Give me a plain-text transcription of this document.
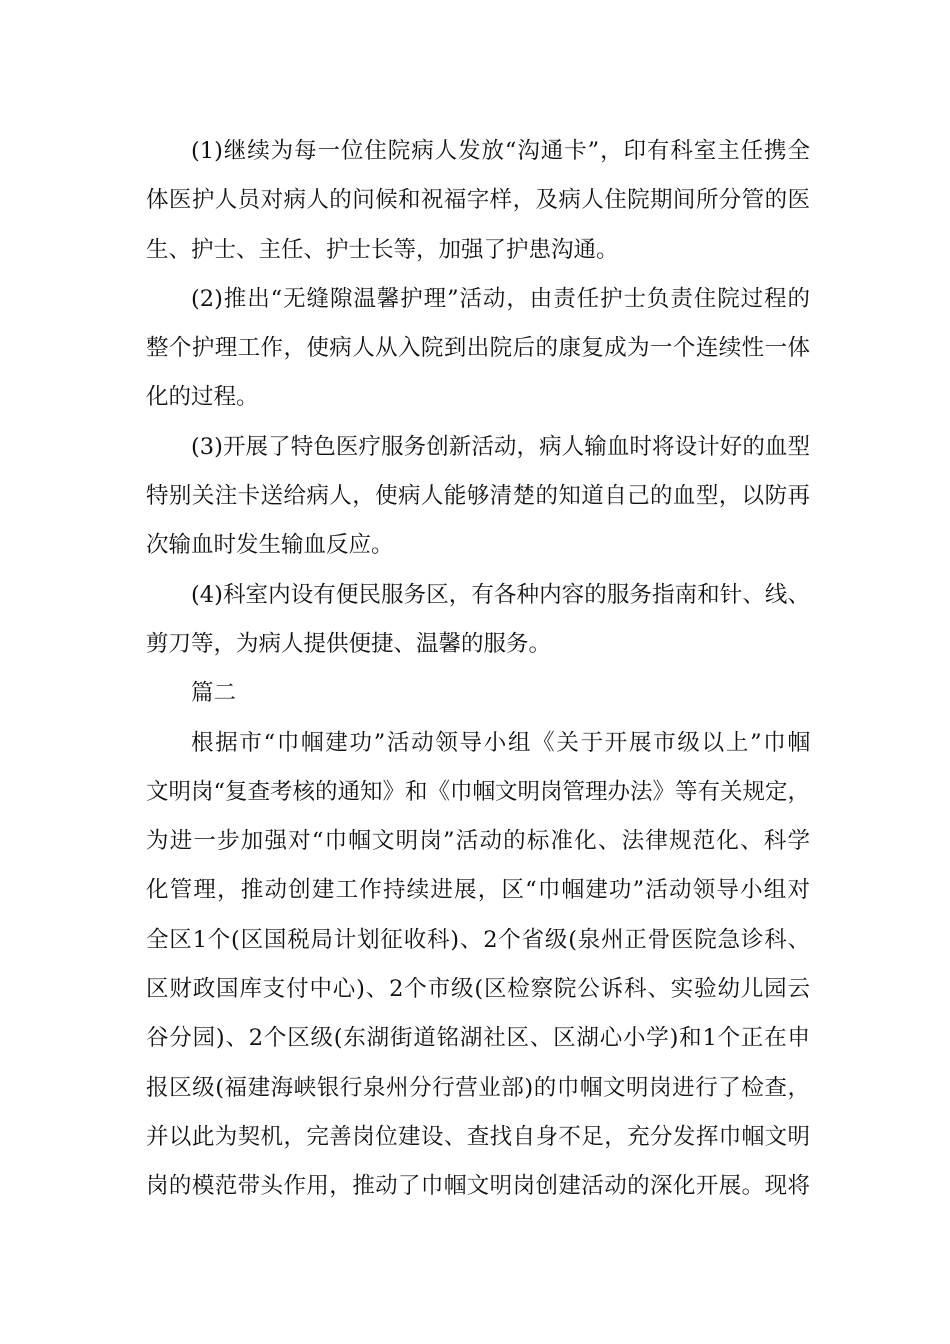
(1)继续为每一位住院病人发放“沟通卡”，印有科室主任携全
体医护人员对病人的问候和祝福字样，及病人住院期间所分管的医
生、护士、主任、护士长等，加强了护患沟通。
(2)推出“无缝隙温馨护理”活动，由责任护士负责住院过程的
整个护理工作，使病人从入院到出院后的康复成为一个连续性一体
化的过程。
(3)开展了特色医疗服务创新活动，病人输血时将设计好的血型
特别关注卡送给病人，使病人能够清楚的知道自己的血型，以防再
次输血时发生输血反应。
(4)科室内设有便民服务区，有各种内容的服务指南和针、线、
剪刀等，为病人提供便捷、温馨的服务。
篇二
根据市“巾帼建功”活动领导小组《关于开展市级以上”巾帼
文明岗“复查考核的通知》和《巾帼文明岗管理办法》等有关规定，
为进一步加强对“巾帼文明岗”活动的标准化、法律规范化、科学
化管理，推动创建工作持续进展，区“巾帼建功”活动领导小组对
全区1个(区国税局计划征收科)、2个省级(泉州正骨医院急诊科、
区财政国库支付中心)、2个市级(区检察院公诉科、实验幼儿园云
谷分园)、2个区级(东湖街道铭湖社区、区湖心小学)和1个正在申
报区级(福建海峡银行泉州分行营业部)的巾帼文明岗进行了检查，
并以此为契机，完善岗位建设、查找自身不足，充分发挥巾帼文明
岗的模范带头作用，推动了巾帼文明岗创建活动的深化开展。现将
